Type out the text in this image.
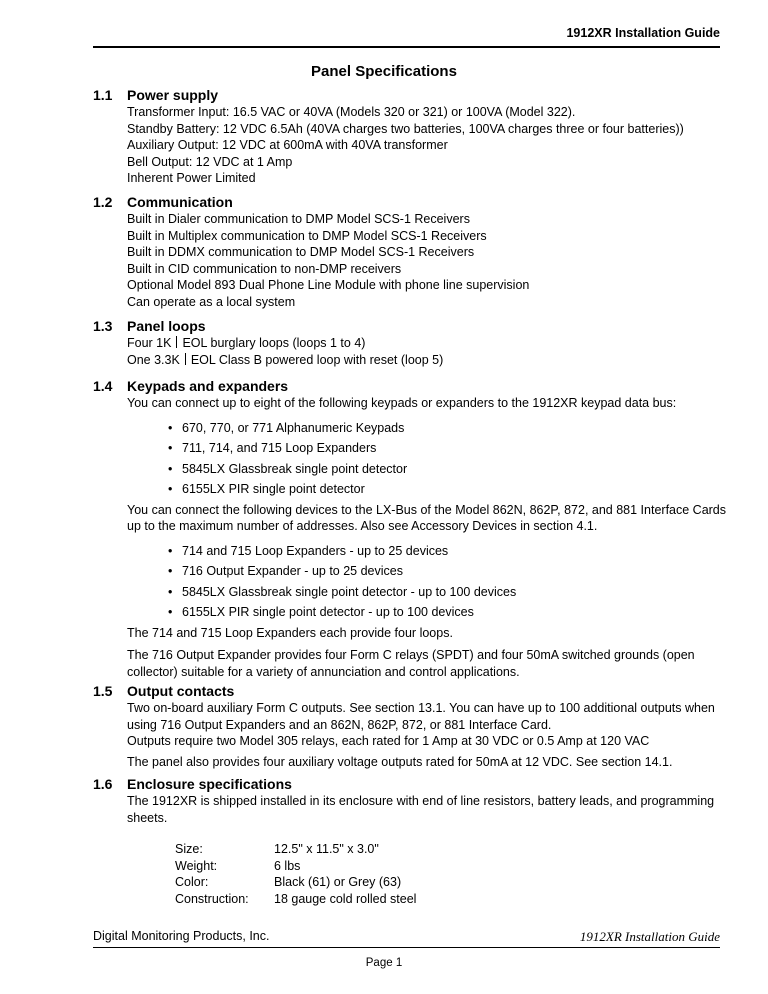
1912XR Installation Guide
Panel Specifications
1.1 Power supply
Transformer Input: 16.5 VAC or 40VA (Models 320 or 321) or 100VA (Model 322).
Standby Battery: 12 VDC 6.5Ah (40VA charges two batteries, 100VA charges three or four batteries))
Auxiliary Output: 12 VDC at 600mA with 40VA transformer
Bell Output: 12 VDC at 1 Amp
Inherent Power Limited
1.2 Communication
Built in Dialer communication to DMP Model SCS-1 Receivers
Built in Multiplex communication to DMP Model SCS-1 Receivers
Built in DDMX communication to DMP Model SCS-1 Receivers
Built in CID communication to non-DMP receivers
Optional Model 893 Dual Phone Line Module with phone line supervision
Can operate as a local system
1.3 Panel loops
Four 1K EOL burglary loops (loops 1 to 4)
One 3.3K EOL Class B powered loop with reset (loop 5)
1.4 Keypads and expanders
You can connect up to eight of the following keypads or expanders to the 1912XR keypad data bus:
• 670, 770, or 771 Alphanumeric Keypads
• 711, 714, and 715 Loop Expanders
• 5845LX Glassbreak single point detector
• 6155LX PIR single point detector
You can connect the following devices to the LX-Bus of the Model 862N, 862P, 872, and 881 Interface Cards up to the maximum number of addresses. Also see Accessory Devices in section 4.1.
• 714 and 715 Loop Expanders - up to 25 devices
• 716 Output Expander - up to 25 devices
• 5845LX Glassbreak single point detector - up to 100 devices
• 6155LX PIR single point detector - up to 100 devices
The 714 and 715 Loop Expanders each provide four loops.
The 716 Output Expander provides four Form C relays (SPDT) and four 50mA switched grounds (open collector) suitable for a variety of annunciation and control applications.
1.5 Output contacts
Two on-board auxiliary Form C outputs. See section 13.1. You can have up to 100 additional outputs when using 716 Output Expanders and an 862N, 862P, 872, or 881 Interface Card.
Outputs require two Model 305 relays, each rated for 1 Amp at 30 VDC or 0.5 Amp at 120 VAC
The panel also provides four auxiliary voltage outputs rated for 50mA at 12 VDC. See section 14.1.
1.6 Enclosure specifications
The 1912XR is shipped installed in its enclosure with end of line resistors, battery leads, and programming sheets.
Size:	12.5" x 11.5" x 3.0"
Weight:	6 lbs
Color:	Black (61) or Grey (63)
Construction:	18 gauge cold rolled steel
Digital Monitoring Products, Inc.	1912XR Installation Guide
Page 1
